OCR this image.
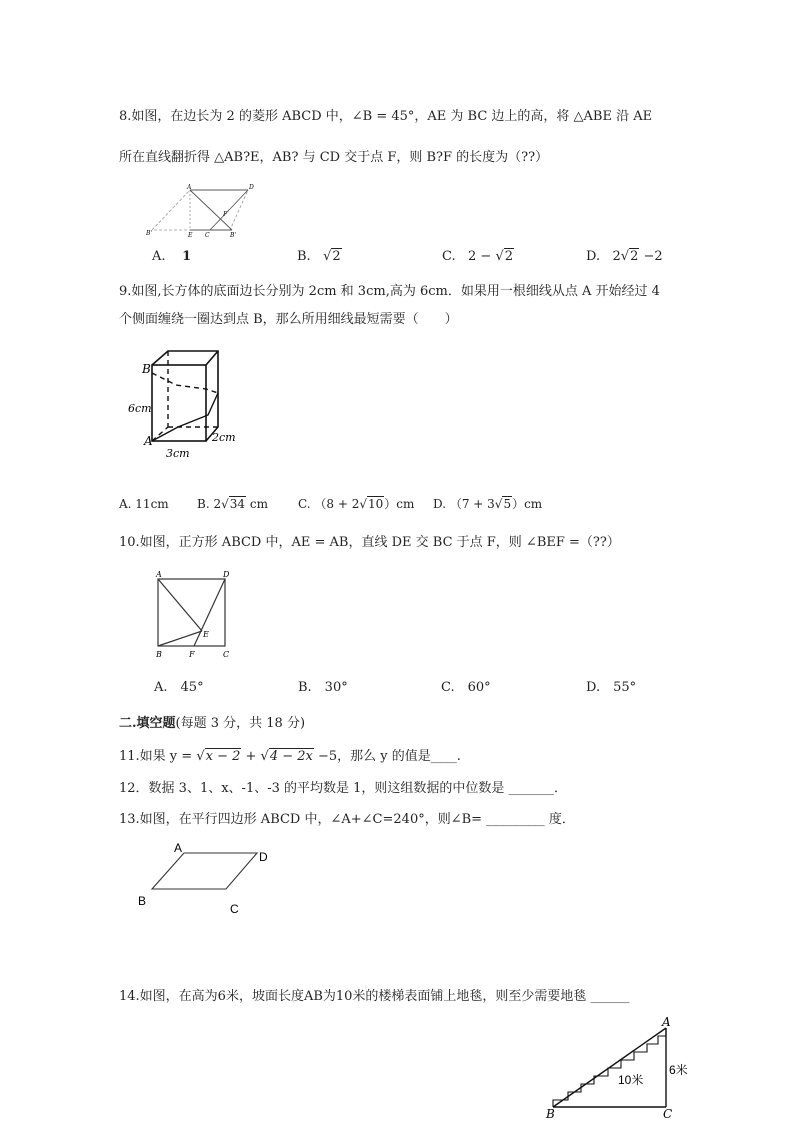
8.如图，在边长为 2 的菱形 ABCD 中，∠B = 45°，AE 为 BC 边上的高，将 △ABE 沿 AE
所在直线翻折得 △AB?E，AB? 与 CD 交于点 F，则 B?F 的长度为（??）
A	D
F
B'	E C	B'
A. 1	B.   √2	C. 2 − √2	D. 2√2 −2
9.如图,长方体的底面边长分别为 2cm 和 3cm,高为 6cm．如果用一根细线从点 A 开始经过 4
个侧面缠绕一圈达到点 B，那么所用细线最短需要（　　）
B
A
6cm
2cm
3cm
A. 11cm B. 2√34 cm	C. （8 + 2√10）cm D. （7 + 3√5）cm
10.如图，正方形 ABCD 中，AE = AB，直线 DE 交 BC 于点 F，则 ∠BEF =（??）
A	D
E
B	F	C
A.　45°	B.　30°	C.　60°	D.　55°
二.填空题(每题 3 分，共 18 分)
11.如果 y = √x − 2 + √4 − 2x −5，那么 y 的值是____.
12．数据 3、1、x、-1、-3 的平均数是 1，则这组数据的中位数是 _______．
13.如图，在平行四边形 ABCD 中，∠A+∠C=240°，则∠B= _________ 度．
A
D
B
C
14.如图，在高为6米，坡面长度AB为10米的楼梯表面铺上地毯，则至少需要地毯 ______
B
A
C
10米
6米
